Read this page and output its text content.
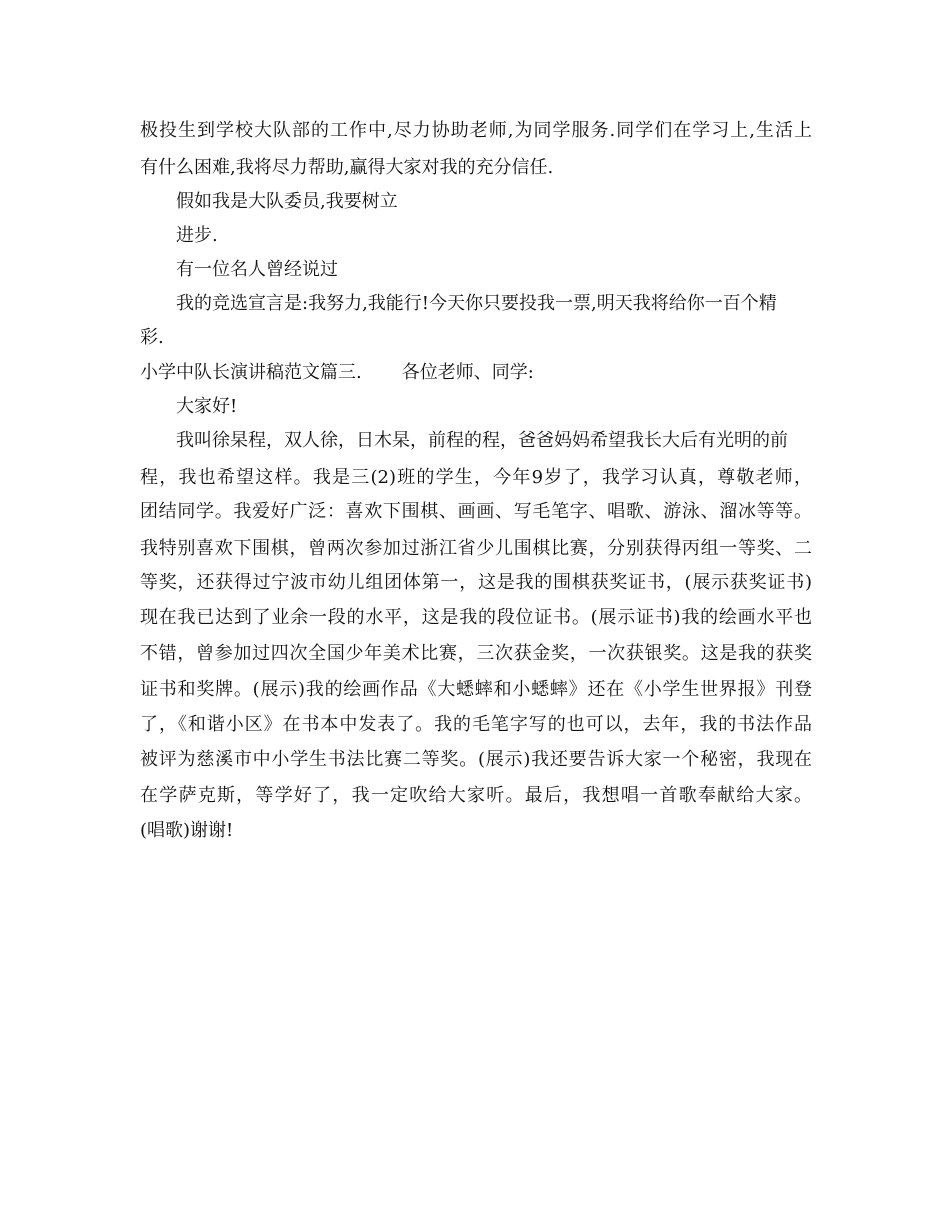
极投生到学校大队部的工作中,尽力协助老师,为同学服务.同学们在学习上,生活上
有什么困难,我将尽力帮助,赢得大家对我的充分信任.
假如我是大队委员,我要树立
进步.
有一位名人曾经说过
我的竞选宣言是:我努力,我能行!今天你只要投我一票,明天我将给你一百个精
彩.
小学中队长演讲稿范文篇三. 各位老师、同学:
大家好!
我叫徐杲程，双人徐，日木杲，前程的程，爸爸妈妈希望我长大后有光明的前
程，我也希望这样。我是三(2)班的学生，今年9岁了，我学习认真，尊敬老师，
团结同学。我爱好广泛：喜欢下围棋、画画、写毛笔字、唱歌、游泳、溜冰等等。
我特别喜欢下围棋，曾两次参加过浙江省少儿围棋比赛，分别获得丙组一等奖、二
等奖，还获得过宁波市幼儿组团体第一，这是我的围棋获奖证书，(展示获奖证书)
现在我已达到了业余一段的水平，这是我的段位证书。(展示证书)我的绘画水平也
不错，曾参加过四次全国少年美术比赛，三次获金奖，一次获银奖。这是我的获奖
证书和奖牌。(展示)我的绘画作品《大蟋蟀和小蟋蟀》还在《小学生世界报》刊登
了，《和谐小区》在书本中发表了。我的毛笔字写的也可以，去年，我的书法作品
被评为慈溪市中小学生书法比赛二等奖。(展示)我还要告诉大家一个秘密，我现在
在学萨克斯，等学好了，我一定吹给大家听。最后，我想唱一首歌奉献给大家。
(唱歌)谢谢!
